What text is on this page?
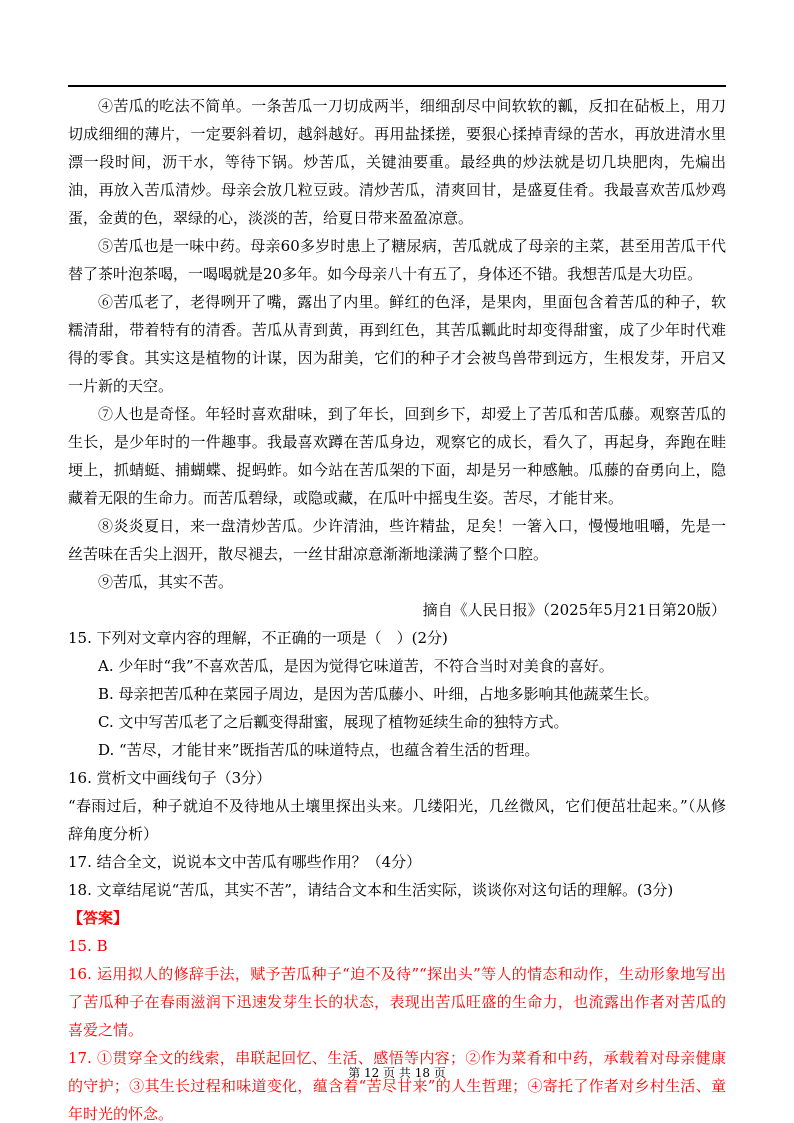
④苦瓜的吃法不简单。一条苦瓜一刀切成两半，细细刮尽中间软软的瓤，反扣在砧板上，用刀切成细细的薄片，一定要斜着切，越斜越好。再用盐揉搓，要狠心揉掉青绿的苦水，再放进清水里漂一段时间，沥干水，等待下锅。炒苦瓜，关键油要重。最经典的炒法就是切几块肥肉，先煸出油，再放入苦瓜清炒。母亲会放几粒豆豉。清炒苦瓜，清爽回甘，是盛夏佳肴。我最喜欢苦瓜炒鸡蛋，金黄的色，翠绿的心，淡淡的苦，给夏日带来盈盈凉意。

⑤苦瓜也是一味中药。母亲60多岁时患上了糖尿病，苦瓜就成了母亲的主菜，甚至用苦瓜干代替了茶叶泡茶喝，一喝喝就是20多年。如今母亲八十有五了，身体还不错。我想苦瓜是大功臣。

⑥苦瓜老了，老得咧开了嘴，露出了内里。鲜红的色泽，是果肉，里面包含着苦瓜的种子，软糯清甜，带着特有的清香。苦瓜从青到黄，再到红色，其苦瓜瓤此时却变得甜蜜，成了少年时代难得的零食。其实这是植物的计谋，因为甜美，它们的种子才会被鸟兽带到远方，生根发芽，开启又一片新的天空。

⑦人也是奇怪。年轻时喜欢甜味，到了年长，回到乡下，却爱上了苦瓜和苦瓜藤。观察苦瓜的生长，是少年时的一件趣事。我最喜欢蹲在苦瓜身边，观察它的成长，看久了，再起身，奔跑在畦埂上，抓蜻蜓、捕蝴蝶、捉蚂蚱。如今站在苦瓜架的下面，却是另一种感触。瓜藤的奋勇向上，隐藏着无限的生命力。而苦瓜碧绿，或隐或藏，在瓜叶中摇曳生姿。苦尽，才能甘来。

⑧炎炎夏日，来一盘清炒苦瓜。少许清油，些许精盐，足矣！一箸入口，慢慢地咀嚼，先是一丝苦味在舌尖上洇开，散尽褪去，一丝甘甜凉意渐渐地漾满了整个口腔。

⑨苦瓜，其实不苦。

摘自《人民日报》（2025年5月21日第20版）

15. 下列对文章内容的理解，不正确的一项是（　）(2分)

A. 少年时“我”不喜欢苦瓜，是因为觉得它味道苦，不符合当时对美食的喜好。

B. 母亲把苦瓜种在菜园子周边，是因为苦瓜藤小、叶细，占地多影响其他蔬菜生长。

C. 文中写苦瓜老了之后瓤变得甜蜜，展现了植物延续生命的独特方式。

D. “苦尽，才能甘来”既指苦瓜的味道特点，也蕴含着生活的哲理。

16. 赏析文中画线句子（3分）

“春雨过后，种子就迫不及待地从土壤里探出头来。几缕阳光，几丝微风，它们便茁壮起来。”（从修辞角度分析）

17. 结合全文，说说本文中苦瓜有哪些作用？（4分）

18. 文章结尾说“苦瓜，其实不苦”，请结合文本和生活实际，谈谈你对这句话的理解。(3分)

【答案】

15. B

16. 运用拟人的修辞手法，赋予苦瓜种子“迫不及待”“探出头”等人的情态和动作，生动形象地写出了苦瓜种子在春雨滋润下迅速发芽生长的状态，表现出苦瓜旺盛的生命力，也流露出作者对苦瓜的喜爱之情。

17. ①贯穿全文的线索，串联起回忆、生活、感悟等内容；②作为菜肴和中药，承载着对母亲健康的守护；③其生长过程和味道变化，蕴含着“苦尽甘来”的人生哲理；④寄托了作者对乡村生活、童年时光的怀念。

第 12 页 共 18 页
